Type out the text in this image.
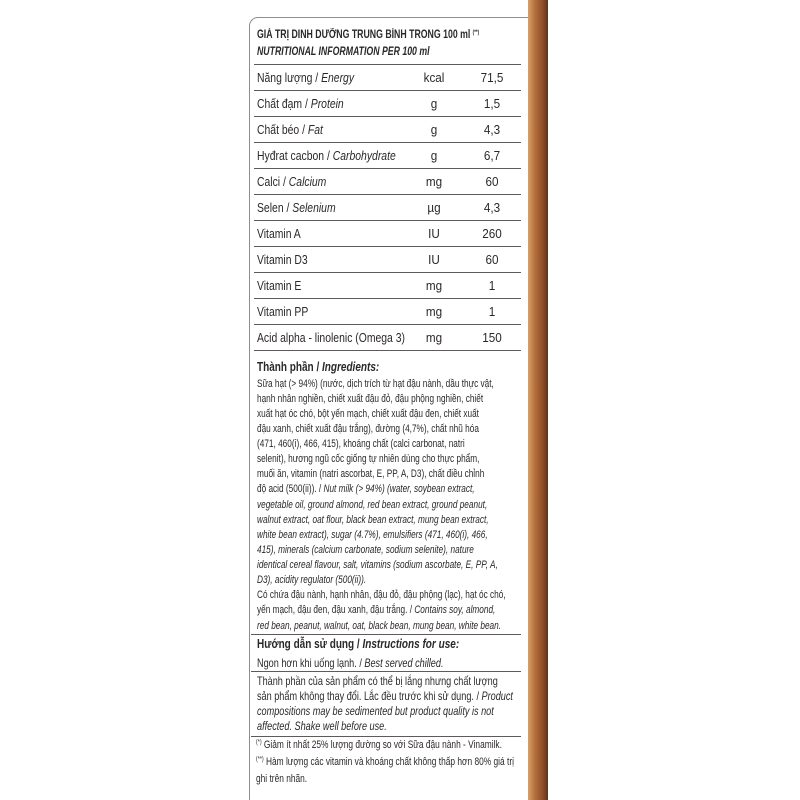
GIÁ TRỊ DINH DƯỠNG TRUNG BÌNH TRONG 100 ml (**)
NUTRITIONAL INFORMATION PER 100 ml
Năng lượng / Energy	kcal	71,5
Chất đạm / Protein	g	1,5
Chất béo / Fat	g	4,3
Hyđrat cacbon / Carbohydrate	g	6,7
Calci / Calcium	mg	60
Selen / Selenium	µg	4,3
Vitamin A	IU	260
Vitamin D3	IU	60
Vitamin E	mg	1
Vitamin PP	mg	1
Acid alpha - linolenic (Omega 3)	mg	150
Thành phần / Ingredients:
Sữa hạt (> 94%) (nước, dịch trích từ hạt đậu nành, dầu thực vật,
hạnh nhân nghiền, chiết xuất đậu đỏ, đậu phộng nghiền, chiết
xuất hạt óc chó, bột yến mạch, chiết xuất đậu đen, chiết xuất
đậu xanh, chiết xuất đậu trắng), đường (4,7%), chất nhũ hóa
(471, 460(i), 466, 415), khoáng chất (calci carbonat, natri
selenit), hương ngũ cốc giống tự nhiên dùng cho thực phẩm,
muối ăn, vitamin (natri ascorbat, E, PP, A, D3), chất điều chỉnh
độ acid (500(ii)). / Nut milk (> 94%) (water, soybean extract,
vegetable oil, ground almond, red bean extract, ground peanut,
walnut extract, oat flour, black bean extract, mung bean extract,
white bean extract), sugar (4.7%), emulsifiers (471, 460(i), 466,
415), minerals (calcium carbonate, sodium selenite), nature
identical cereal flavour, salt, vitamins (sodium ascorbate, E, PP, A,
D3), acidity regulator (500(ii)).
Có chứa đậu nành, hạnh nhân, đậu đỏ, đậu phộng (lạc), hạt óc chó,
yến mạch, đậu đen, đậu xanh, đậu trắng. / Contains soy, almond,
red bean, peanut, walnut, oat, black bean, mung bean, white bean.
Hướng dẫn sử dụng / Instructions for use:
Ngon hơn khi uống lạnh. / Best served chilled.
Thành phần của sản phẩm có thể bị lắng nhưng chất lượng
sản phẩm không thay đổi. Lắc đều trước khi sử dụng. / Product
compositions may be sedimented but product quality is not
affected. Shake well before use.
(*) Giảm ít nhất 25% lượng đường so với Sữa đậu nành - Vinamilk.
(**) Hàm lượng các vitamin và khoáng chất không thấp hơn 80% giá trị
ghi trên nhãn.
